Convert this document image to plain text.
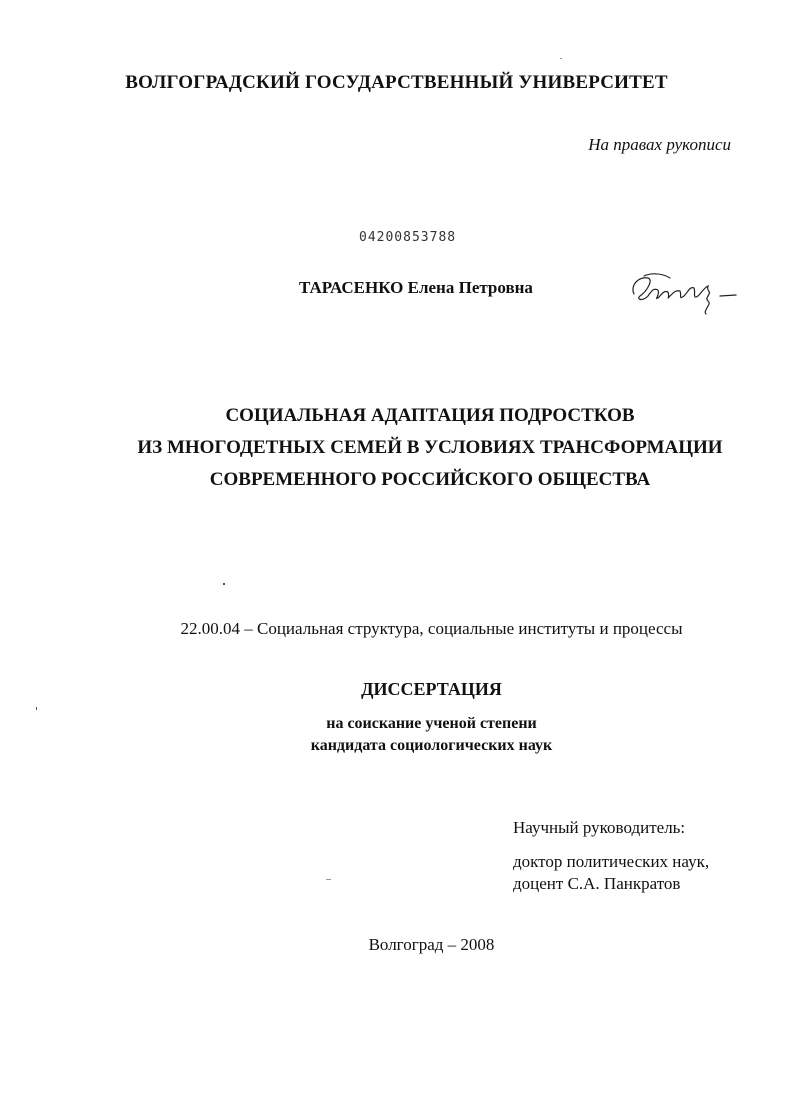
ВОЛГОГРАДСКИЙ ГОСУДАРСТВЕННЫЙ УНИВЕРСИТЕТ
На правах рукописи
04200853788
ТАРАСЕНКО Елена Петровна
СОЦИАЛЬНАЯ АДАПТАЦИЯ ПОДРОСТКОВ
ИЗ МНОГОДЕТНЫХ СЕМЕЙ В УСЛОВИЯХ ТРАНСФОРМАЦИИ
СОВРЕМЕННОГО РОССИЙСКОГО ОБЩЕСТВА
22.00.04 – Социальная структура, социальные институты и процессы
ДИССЕРТАЦИЯ
на соискание ученой степени
кандидата социологических наук
Научный руководитель:
доктор политических наук,
доцент С.А. Панкратов
Волгоград – 2008
